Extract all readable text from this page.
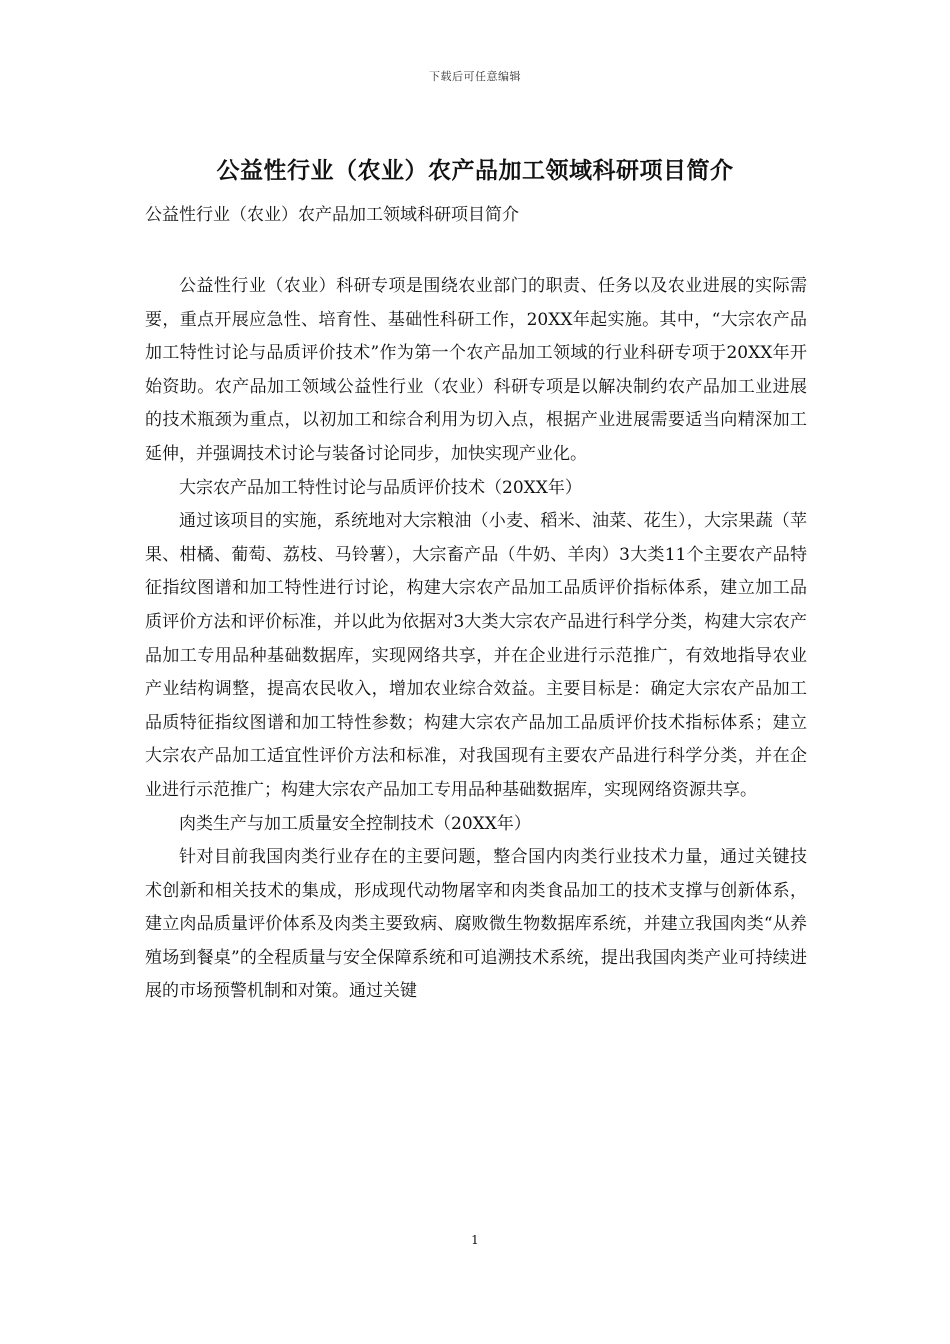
下载后可任意编辑
公益性行业（农业）农产品加工领域科研项目简介
公益性行业（农业）农产品加工领域科研项目简介

公益性行业（农业）科研专项是围绕农业部门的职责、任务以及农业进展的实际需要，重点开展应急性、培育性、基础性科研工作，20XX年起实施。其中，“大宗农产品加工特性讨论与品质评价技术”作为第一个农产品加工领域的行业科研专项于20XX年开始资助。农产品加工领域公益性行业（农业）科研专项是以解决制约农产品加工业进展的技术瓶颈为重点，以初加工和综合利用为切入点，根据产业进展需要适当向精深加工延伸，并强调技术讨论与装备讨论同步，加快实现产业化。

大宗农产品加工特性讨论与品质评价技术（20XX年）

通过该项目的实施，系统地对大宗粮油（小麦、稻米、油菜、花生），大宗果蔬（苹果、柑橘、葡萄、荔枝、马铃薯），大宗畜产品（牛奶、羊肉）3大类11个主要农产品特征指纹图谱和加工特性进行讨论，构建大宗农产品加工品质评价指标体系，建立加工品质评价方法和评价标准，并以此为依据对3大类大宗农产品进行科学分类，构建大宗农产品加工专用品种基础数据库，实现网络共享，并在企业进行示范推广，有效地指导农业产业结构调整，提高农民收入，增加农业综合效益。主要目标是：确定大宗农产品加工品质特征指纹图谱和加工特性参数；构建大宗农产品加工品质评价技术指标体系；建立大宗农产品加工适宜性评价方法和标准，对我国现有主要农产品进行科学分类，并在企业进行示范推广；构建大宗农产品加工专用品种基础数据库，实现网络资源共享。

肉类生产与加工质量安全控制技术（20XX年）

针对目前我国肉类行业存在的主要问题，整合国内肉类行业技术力量，通过关键技术创新和相关技术的集成，形成现代动物屠宰和肉类食品加工的技术支撑与创新体系，建立肉品质量评价体系及肉类主要致病、腐败微生物数据库系统，并建立我国肉类“从养殖场到餐桌”的全程质量与安全保障系统和可追溯技术系统，提出我国肉类产业可持续进展的市场预警机制和对策。通过关键

1
